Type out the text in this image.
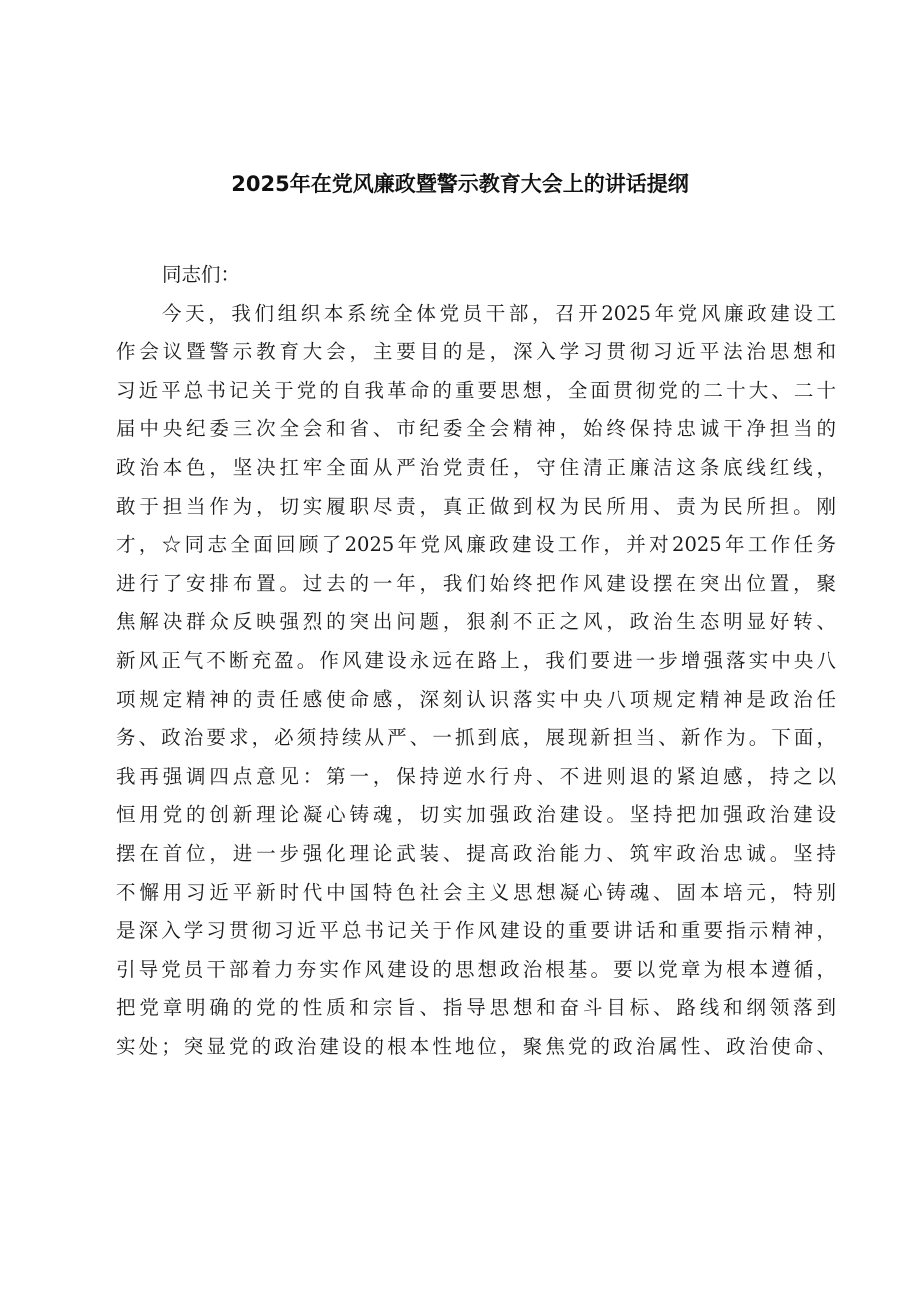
2025年在党风廉政暨警示教育大会上的讲话提纲
同志们：
今天，我们组织本系统全体党员干部，召开2025年党风廉政建设工
作会议暨警示教育大会，主要目的是，深入学习贯彻习近平法治思想和
习近平总书记关于党的自我革命的重要思想，全面贯彻党的二十大、二十
届中央纪委三次全会和省、市纪委全会精神，始终保持忠诚干净担当的
政治本色，坚决扛牢全面从严治党责任，守住清正廉洁这条底线红线，
敢于担当作为，切实履职尽责，真正做到权为民所用、责为民所担。刚
才，☆同志全面回顾了2025年党风廉政建设工作，并对2025年工作任务
进行了安排布置。过去的一年，我们始终把作风建设摆在突出位置，聚
焦解决群众反映强烈的突出问题，狠刹不正之风，政治生态明显好转、
新风正气不断充盈。作风建设永远在路上，我们要进一步增强落实中央八
项规定精神的责任感使命感，深刻认识落实中央八项规定精神是政治任
务、政治要求，必须持续从严、一抓到底，展现新担当、新作为。下面，
我再强调四点意见：第一，保持逆水行舟、不进则退的紧迫感，持之以
恒用党的创新理论凝心铸魂，切实加强政治建设。坚持把加强政治建设
摆在首位，进一步强化理论武装、提高政治能力、筑牢政治忠诚。坚持
不懈用习近平新时代中国特色社会主义思想凝心铸魂、固本培元，特别
是深入学习贯彻习近平总书记关于作风建设的重要讲话和重要指示精神，
引导党员干部着力夯实作风建设的思想政治根基。要以党章为根本遵循，
把党章明确的党的性质和宗旨、指导思想和奋斗目标、路线和纲领落到
实处；突显党的政治建设的根本性地位，聚焦党的政治属性、政治使命、
